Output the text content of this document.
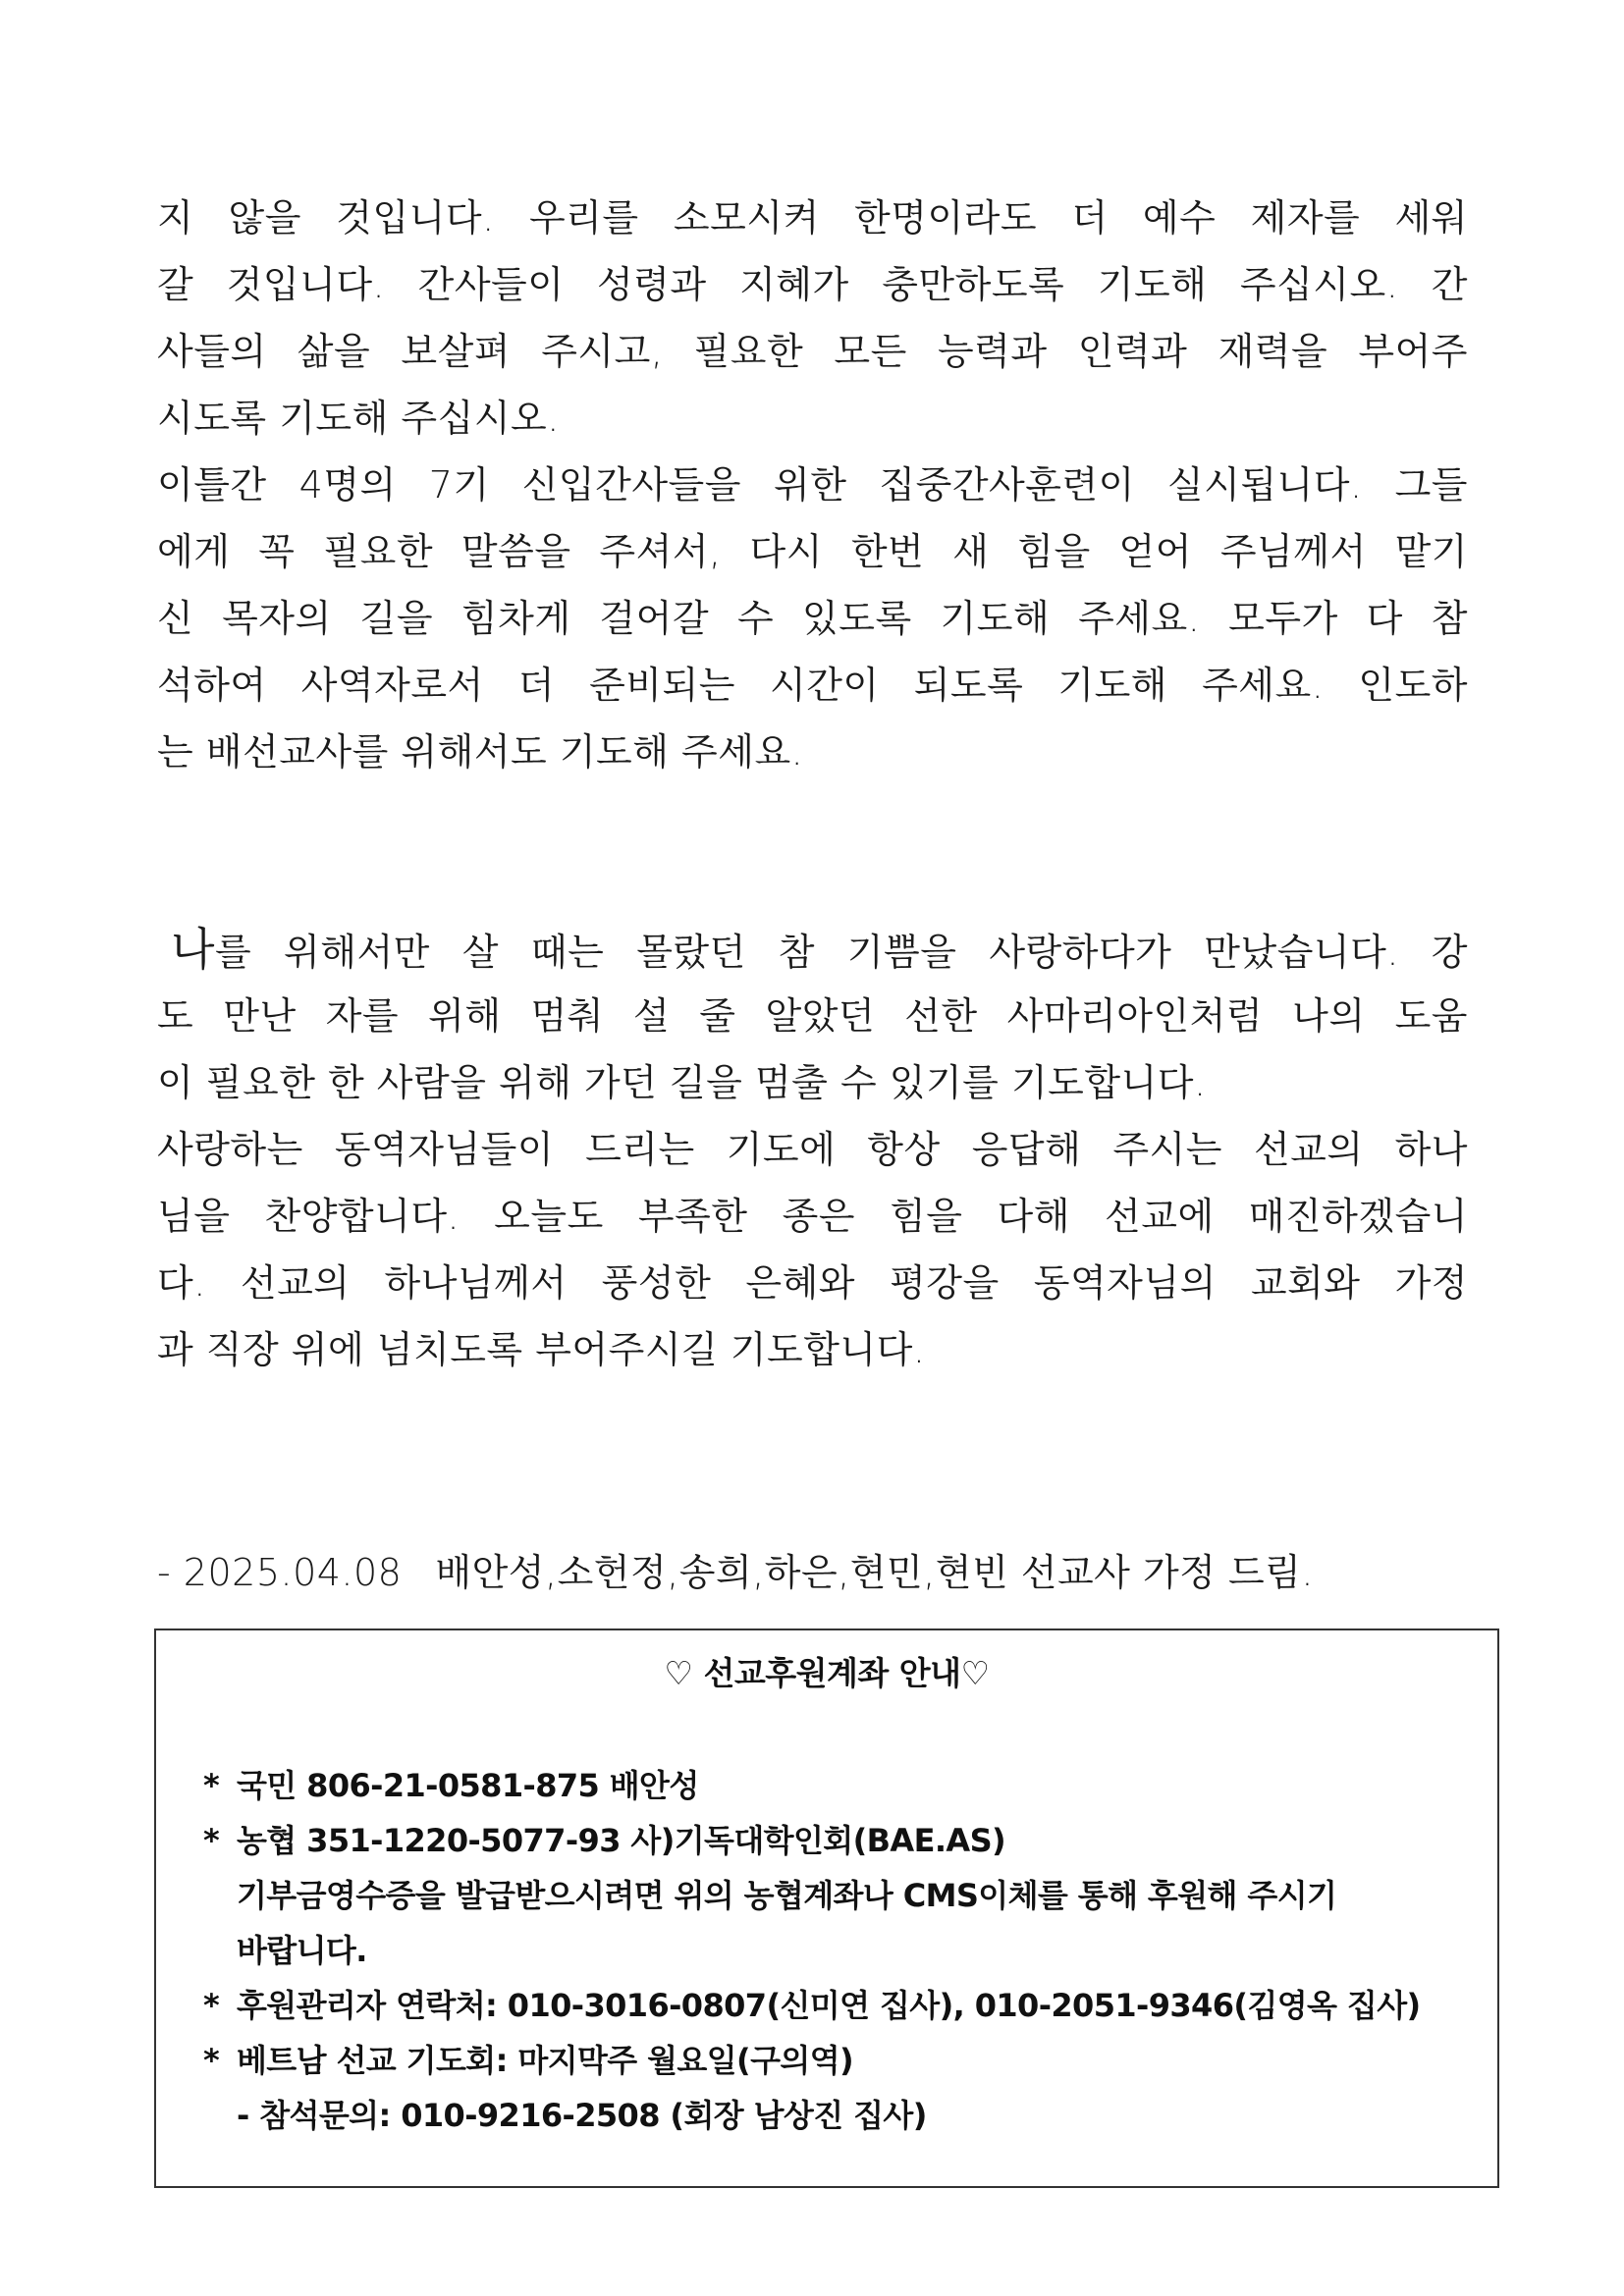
지 않을 것입니다. 우리를 소모시켜 한명이라도 더 예수 제자를 세워
갈 것입니다. 간사들이 성령과 지혜가 충만하도록 기도해 주십시오. 간
사들의 삶을 보살펴 주시고, 필요한 모든 능력과 인력과 재력을 부어주
시도록 기도해 주십시오.
이틀간 4명의 7기 신입간사들을 위한 집중간사훈련이 실시됩니다. 그들
에게 꼭 필요한 말씀을 주셔서, 다시 한번 새 힘을 얻어 주님께서 맡기
신 목자의 길을 힘차게 걸어갈 수 있도록 기도해 주세요. 모두가 다 참
석하여 사역자로서 더 준비되는 시간이 되도록 기도해 주세요. 인도하
는 배선교사를 위해서도 기도해 주세요.
나를 위해서만 살 때는 몰랐던 참 기쁨을 사랑하다가 만났습니다. 강
도 만난 자를 위해 멈춰 설 줄 알았던 선한 사마리아인처럼 나의 도움
이 필요한 한 사람을 위해 가던 길을 멈출 수 있기를 기도합니다.
사랑하는 동역자님들이 드리는 기도에 항상 응답해 주시는 선교의 하나
님을 찬양합니다. 오늘도 부족한 종은 힘을 다해 선교에 매진하겠습니
다. 선교의 하나님께서 풍성한 은혜와 평강을 동역자님의 교회와 가정
과 직장 위에 넘치도록 부어주시길 기도합니다.
- 2025.04.08 배안성,소헌정,송희,하은,현민,현빈 선교사 가정 드림.
♡ 선교후원계좌 안내♡
* 국민 806-21-0581-875 배안성
* 농협 351-1220-5077-93 사)기독대학인회(BAE.AS)
기부금영수증을 발급받으시려면 위의 농협계좌나 CMS이체를 통해 후원해 주시기
바랍니다.
* 후원관리자 연락처: 010-3016-0807(신미연 집사), 010-2051-9346(김영옥 집사)
* 베트남 선교 기도회: 마지막주 월요일(구의역)
- 참석문의: 010-9216-2508 (회장 남상진 집사)
